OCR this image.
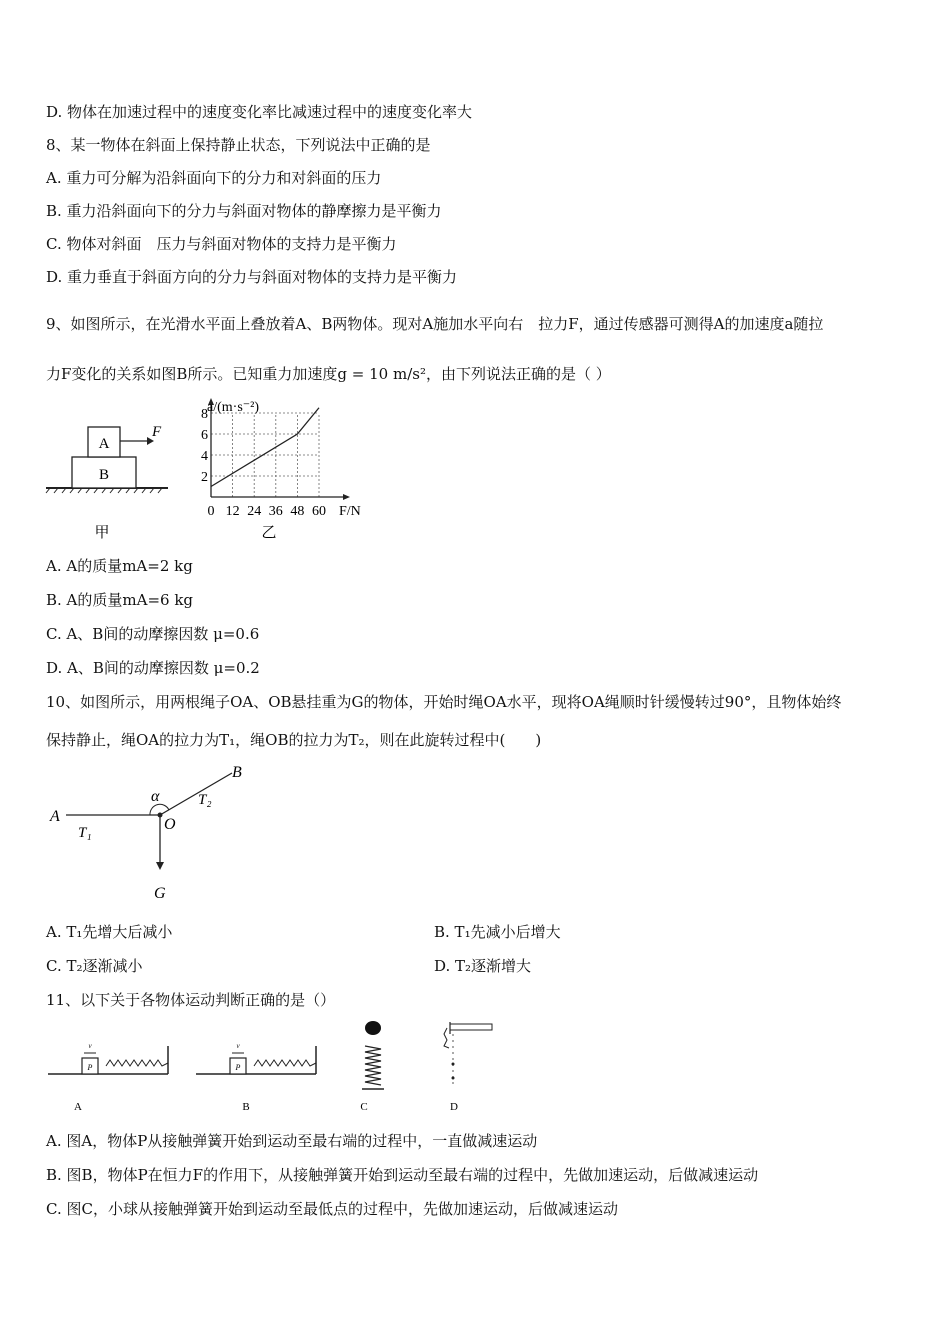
D. 物体在加速过程中的速度变化率比减速过程中的速度变化率大
8、某一物体在斜面上保持静止状态，下列说法中正确的是
A. 重力可分解为沿斜面向下的分力和对斜面的压力
B. 重力沿斜面向下的分力与斜面对物体的静摩擦力是平衡力
C. 物体对斜面　压力与斜面对物体的支持力是平衡力
D. 重力垂直于斜面方向的分力与斜面对物体的支持力是平衡力
9、如图所示，在光滑水平面上叠放着A、B两物体。现对A施加水平向右　拉力F，通过传感器可测得A的加速度a随拉
力F变化的关系如图B所示。已知重力加速度g = 10 m/s²，由下列说法正确的是（ ）
B
A
F
甲
2
4
6
8
12 24 36 48 60
a/(m·s⁻²)
F/N
0
乙
A. A的质量mA=2 kg
B. A的质量mA=6 kg
C. A、B间的动摩擦因数 μ=0.6
D. A、B间的动摩擦因数 μ=0.2
10、如图所示，用两根绳子OA、OB悬挂重为G的物体，开始时绳OA水平，现将OA绳顺时针缓慢转过90°，且物体始终
保持静止，绳OA的拉力为T₁，绳OB的拉力为T₂，则在此旋转过程中(　　)
A
B
O
G
α
T₁
T₂
A. T₁先增大后减小	B. T₁先减小后增大
C. T₂逐渐减小	D. T₂逐渐增大
11、以下关于各物体运动判断正确的是（）
P
v
A
P
v
B	C	D
A. 图A，物体P从接触弹簧开始到运动至最右端的过程中，一直做减速运动
B. 图B，物体P在恒力F的作用下，从接触弹簧开始到运动至最右端的过程中，先做加速运动，后做减速运动
C. 图C，小球从接触弹簧开始到运动至最低点的过程中，先做加速运动，后做减速运动
